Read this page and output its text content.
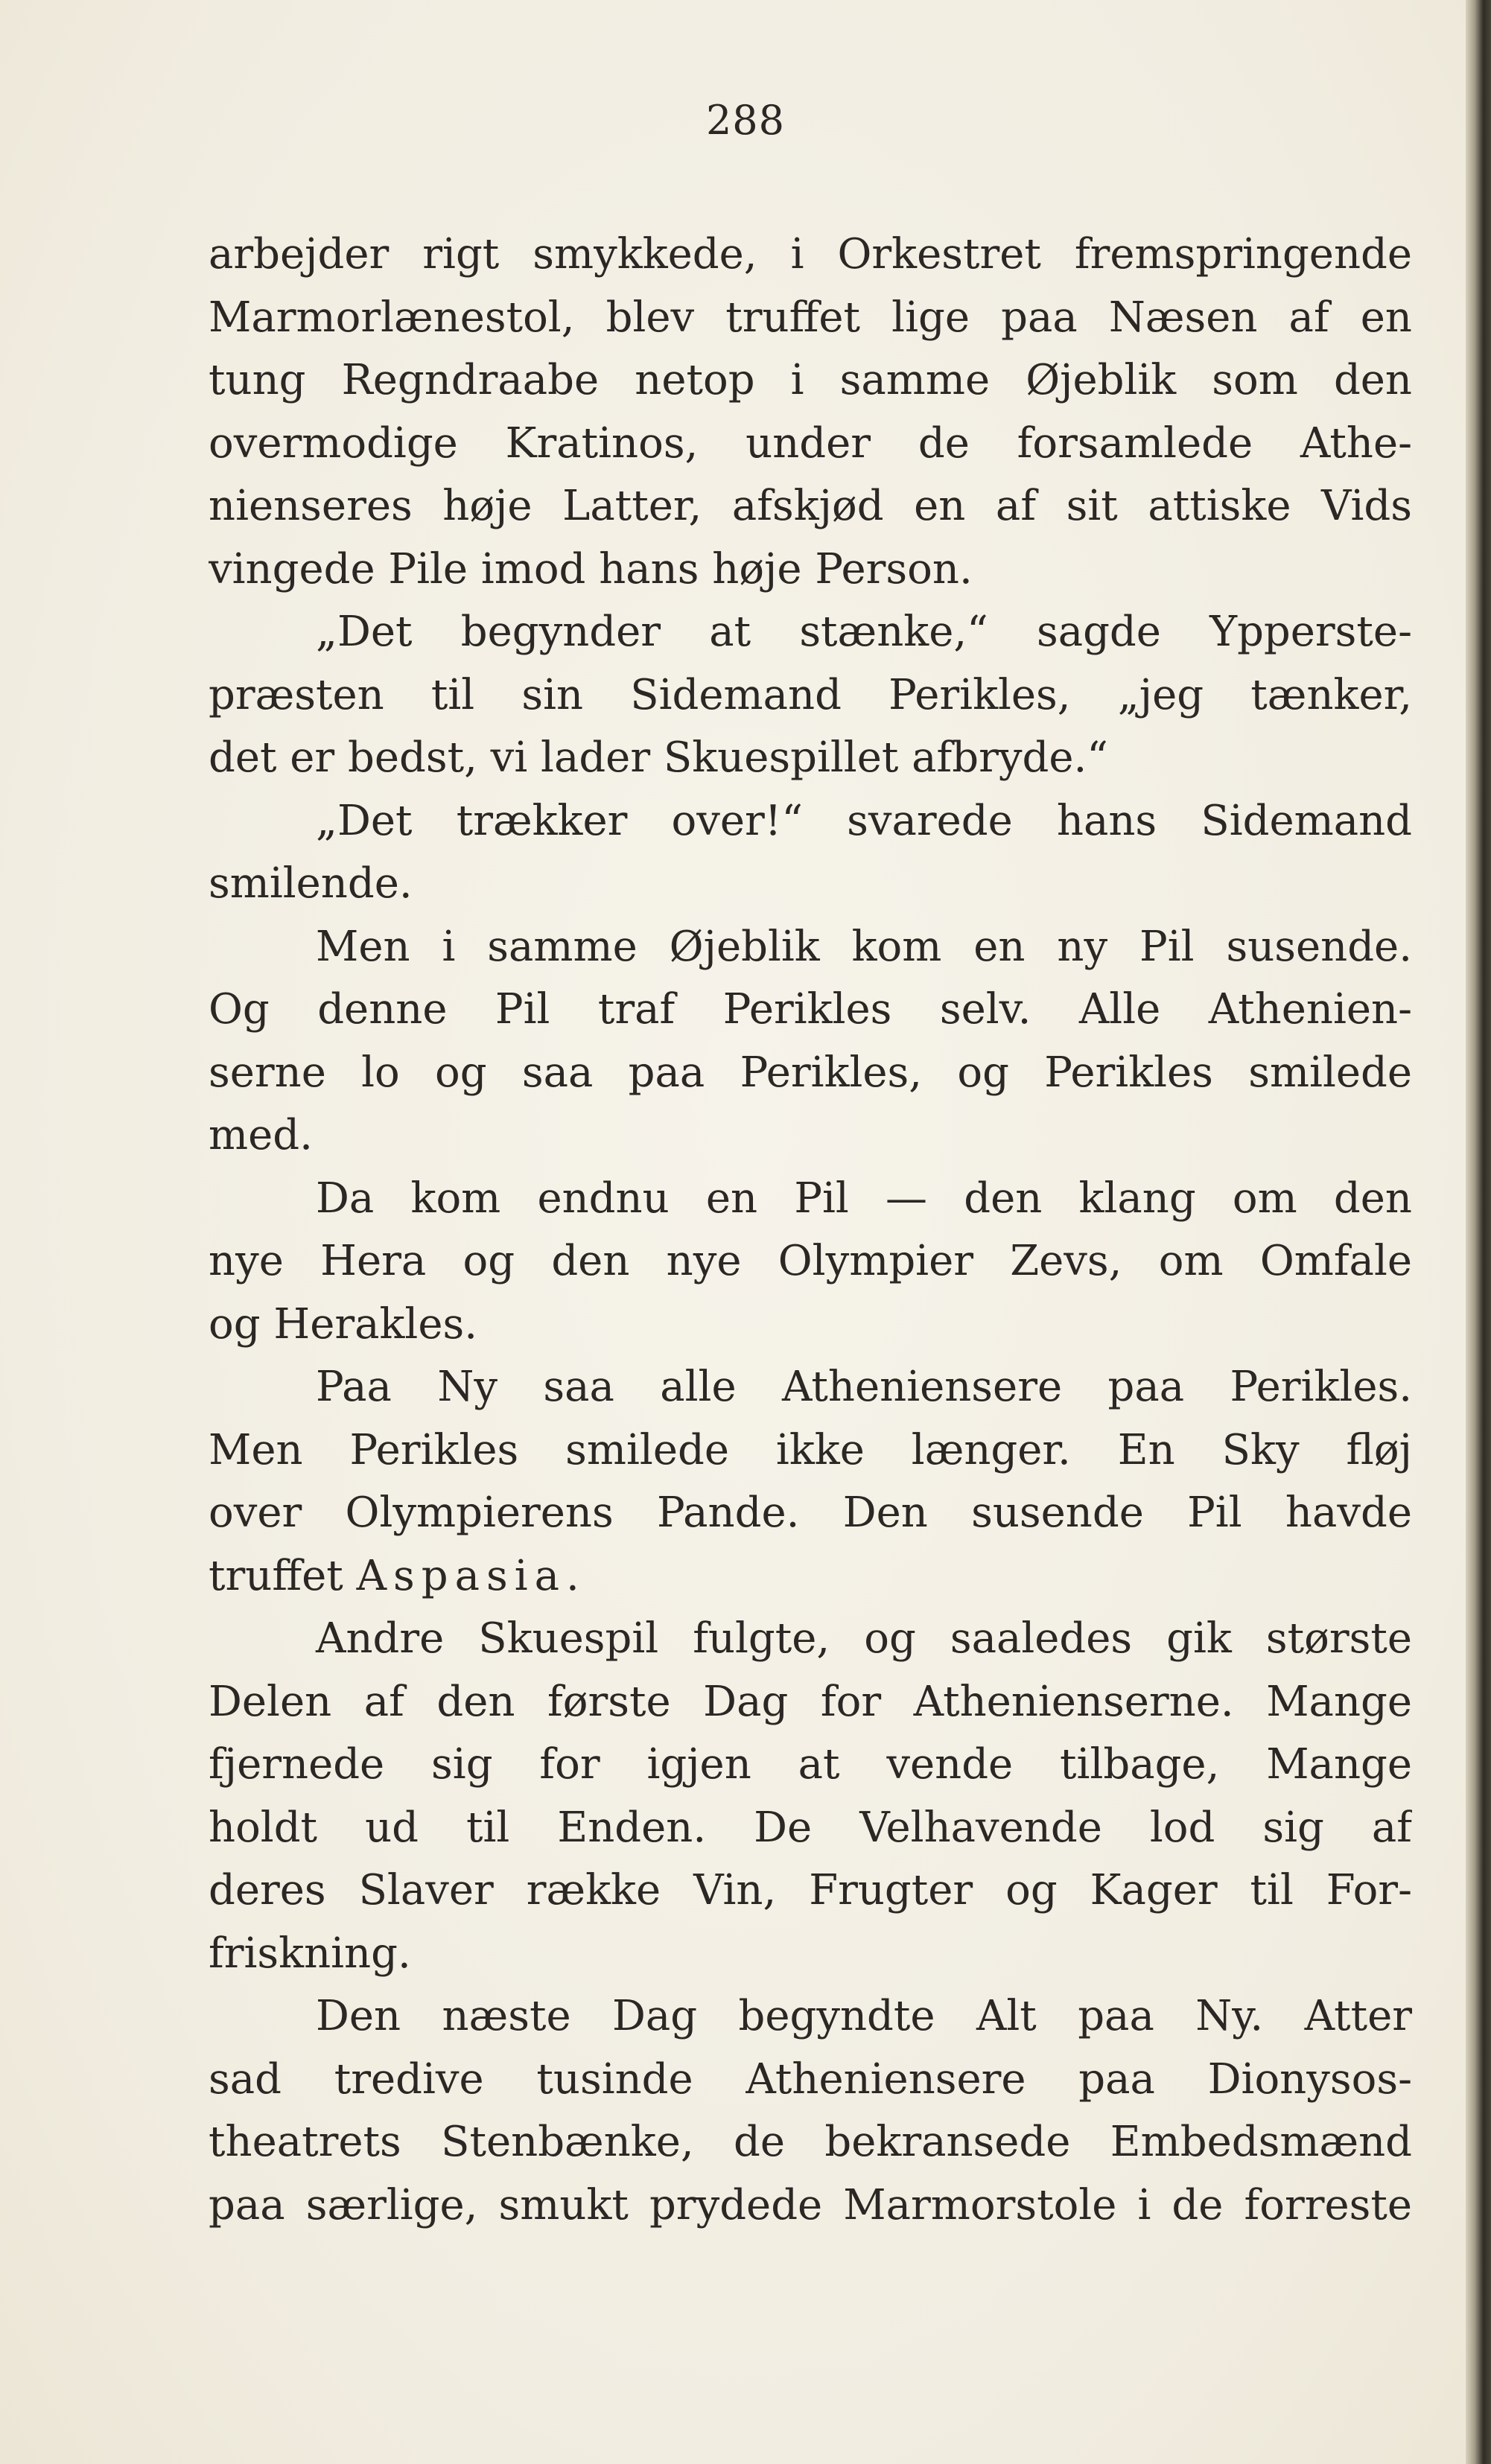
288
arbejder rigt smykkede, i Orkestret fremspringende
Marmorlænestol, blev truffet lige paa Næsen af en
tung Regndraabe netop i samme Øjeblik som den
overmodige Kratinos, under de forsamlede Athe-
nienseres høje Latter, afskjød en af sit attiske Vids
vingede Pile imod hans høje Person.
„Det begynder at stænke,“ sagde Ypperste-
præsten til sin Sidemand Perikles, „jeg tænker,
det er bedst, vi lader Skuespillet afbryde.“
„Det trækker over!“ svarede hans Sidemand
smilende.
Men i samme Øjeblik kom en ny Pil susende.
Og denne Pil traf Perikles selv. Alle Athenien-
serne lo og saa paa Perikles, og Perikles smilede
med.
Da kom endnu en Pil — den klang om den
nye Hera og den nye Olympier Zevs, om Omfale
og Herakles.
Paa Ny saa alle Atheniensere paa Perikles.
Men Perikles smilede ikke længer. En Sky fløj
over Olympierens Pande. Den susende Pil havde
truffet Aspasia.
Andre Skuespil fulgte, og saaledes gik største
Delen af den første Dag for Athenienserne. Mange
fjernede sig for igjen at vende tilbage, Mange
holdt ud til Enden. De Velhavende lod sig af
deres Slaver række Vin, Frugter og Kager til For-
friskning.
Den næste Dag begyndte Alt paa Ny. Atter
sad tredive tusinde Atheniensere paa Dionysos-
theatrets Stenbænke, de bekransede Embedsmænd
paa særlige, smukt prydede Marmorstole i de forreste
